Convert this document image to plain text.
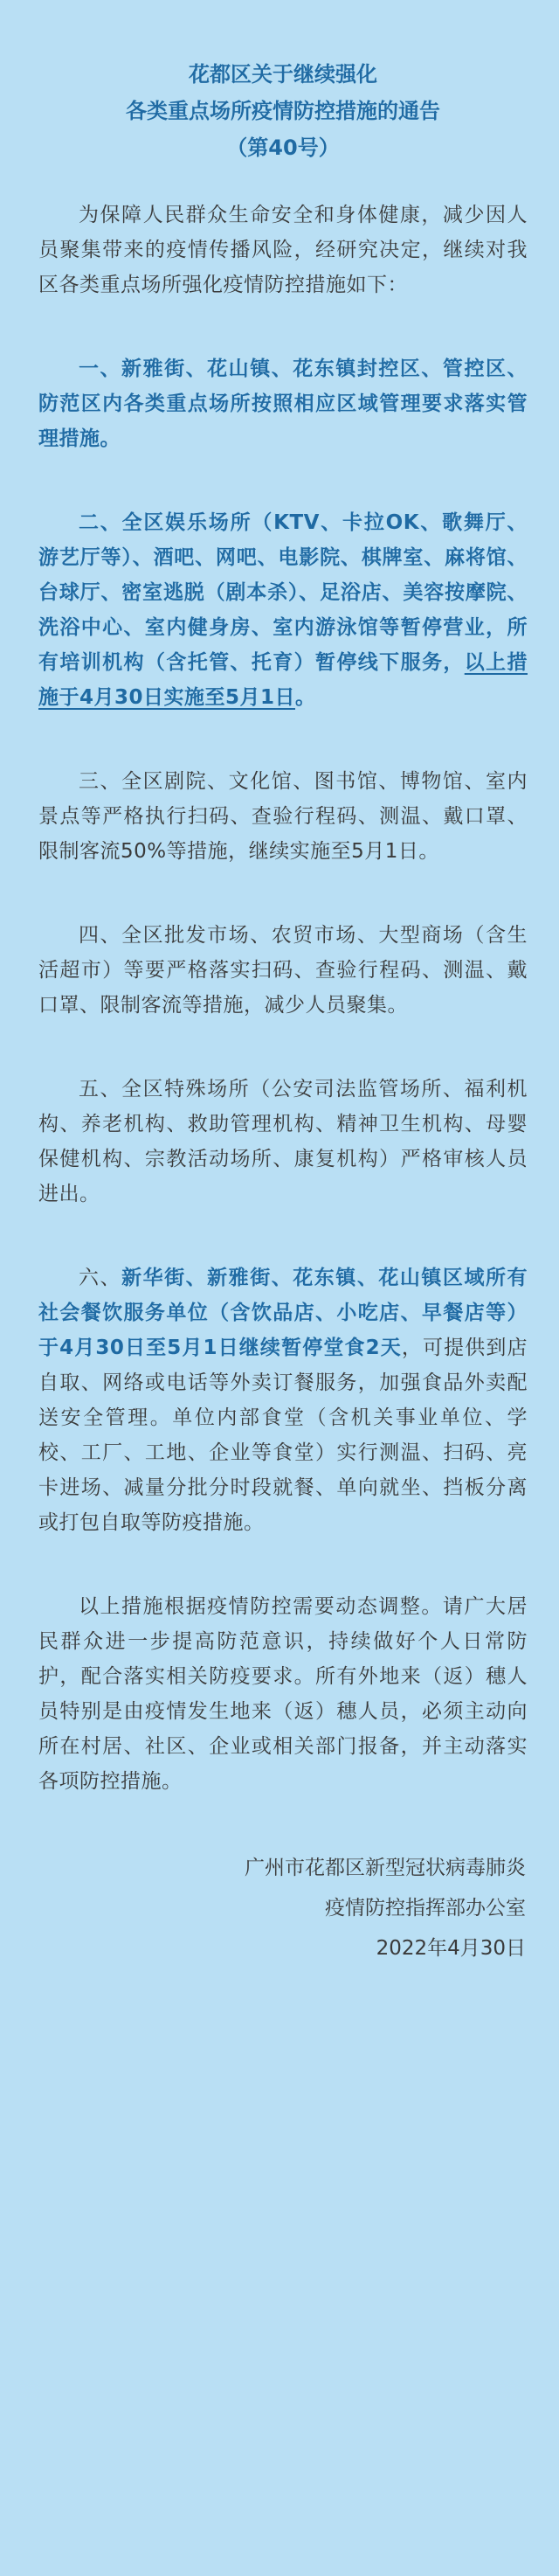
花都区关于继续强化
各类重点场所疫情防控措施的通告
（第40号）

为保障人民群众生命安全和身体健康，减少因人员聚集带来的疫情传播风险，经研究决定，继续对我区各类重点场所强化疫情防控措施如下：

一、新雅街、花山镇、花东镇封控区、管控区、防范区内各类重点场所按照相应区域管理要求落实管理措施。

二、全区娱乐场所（KTV、卡拉OK、歌舞厅、游艺厅等）、酒吧、网吧、电影院、棋牌室、麻将馆、台球厅、密室逃脱（剧本杀）、足浴店、美容按摩院、洗浴中心、室内健身房、室内游泳馆等暂停营业，所有培训机构（含托管、托育）暂停线下服务，以上措施于4月30日实施至5月1日。

三、全区剧院、文化馆、图书馆、博物馆、室内景点等严格执行扫码、查验行程码、测温、戴口罩、限制客流50%等措施，继续实施至5月1日。

四、全区批发市场、农贸市场、大型商场（含生活超市）等要严格落实扫码、查验行程码、测温、戴口罩、限制客流等措施，减少人员聚集。

五、全区特殊场所（公安司法监管场所、福利机构、养老机构、救助管理机构、精神卫生机构、母婴保健机构、宗教活动场所、康复机构）严格审核人员进出。

六、新华街、新雅街、花东镇、花山镇区域所有社会餐饮服务单位（含饮品店、小吃店、早餐店等）于4月30日至5月1日继续暂停堂食2天，可提供到店自取、网络或电话等外卖订餐服务，加强食品外卖配送安全管理。单位内部食堂（含机关事业单位、学校、工厂、工地、企业等食堂）实行测温、扫码、亮卡进场、减量分批分时段就餐、单向就坐、挡板分离或打包自取等防疫措施。

以上措施根据疫情防控需要动态调整。请广大居民群众进一步提高防范意识，持续做好个人日常防护，配合落实相关防疫要求。所有外地来（返）穗人员特别是由疫情发生地来（返）穗人员，必须主动向所在村居、社区、企业或相关部门报备，并主动落实各项防控措施。

广州市花都区新型冠状病毒肺炎
疫情防控指挥部办公室
2022年4月30日
